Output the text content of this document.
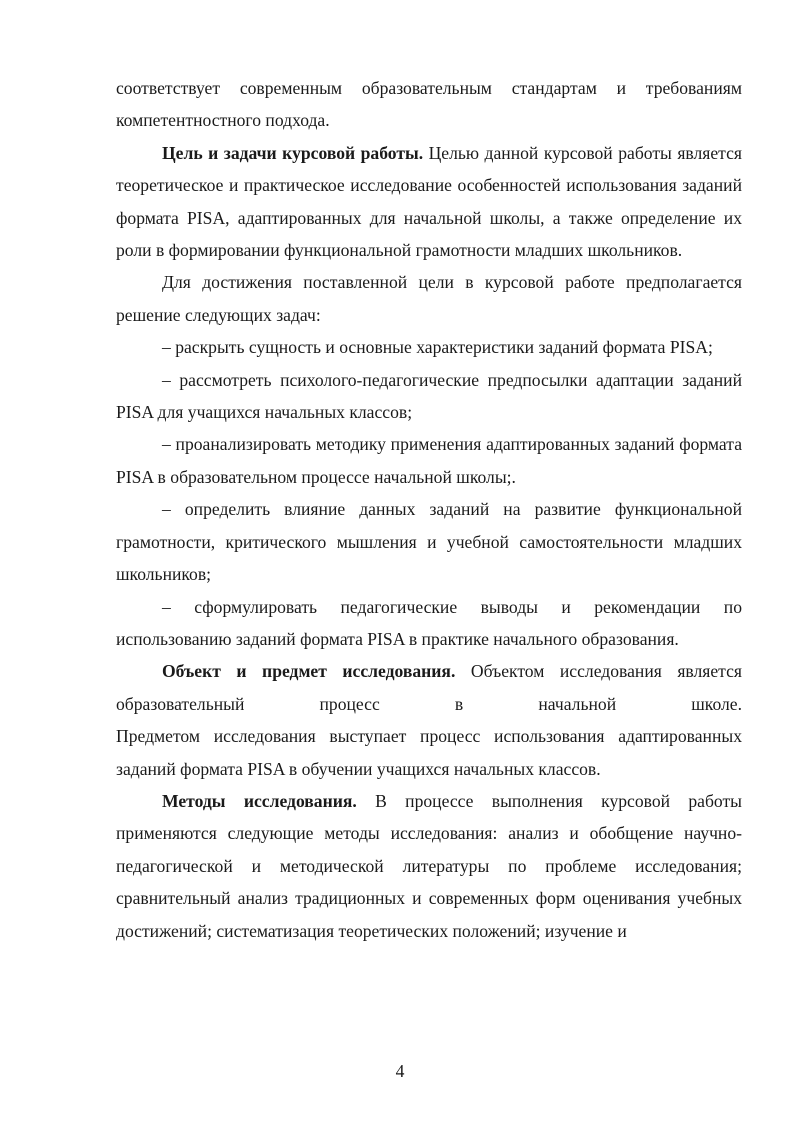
соответствует современным образовательным стандартам и требованиям компетентностного подхода.

Цель и задачи курсовой работы. Целью данной курсовой работы является теоретическое и практическое исследование особенностей использования заданий формата PISA, адаптированных для начальной школы, а также определение их роли в формировании функциональной грамотности младших школьников.

Для достижения поставленной цели в курсовой работе предполагается решение следующих задач:

– раскрыть сущность и основные характеристики заданий формата PISA;

– рассмотреть психолого-педагогические предпосылки адаптации заданий PISA для учащихся начальных классов;

– проанализировать методику применения адаптированных заданий формата PISA в образовательном процессе начальной школы;.

– определить влияние данных заданий на развитие функциональной грамотности, критического мышления и учебной самостоятельности младших школьников;

– сформулировать педагогические выводы и рекомендации по использованию заданий формата PISA в практике начального образования.

Объект и предмет исследования. Объектом исследования является образовательный процесс в начальной школе.

Предметом исследования выступает процесс использования адаптированных заданий формата PISA в обучении учащихся начальных классов.

Методы исследования. В процессе выполнения курсовой работы применяются следующие методы исследования: анализ и обобщение научно-педагогической и методической литературы по проблеме исследования; сравнительный анализ традиционных и современных форм оценивания учебных достижений; систематизация теоретических положений; изучение и

4
